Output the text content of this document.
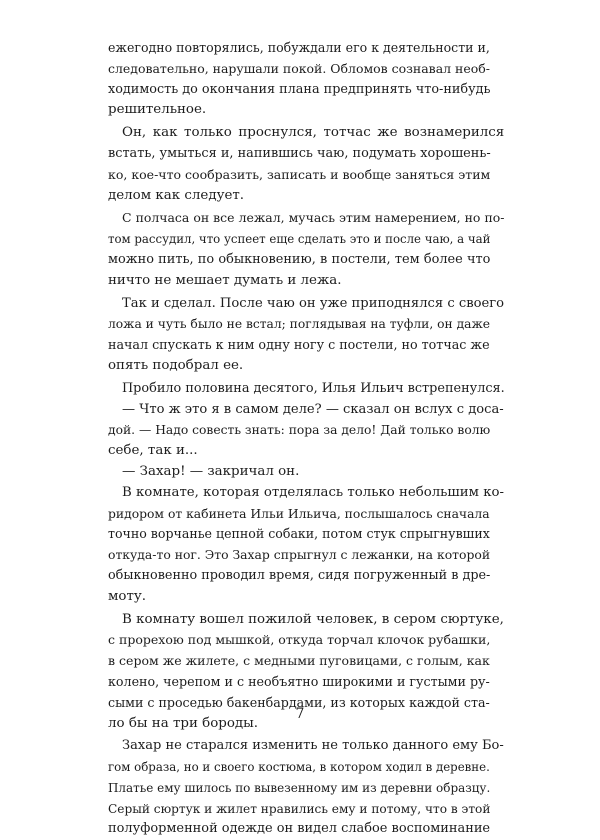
ежегодно повторялись, побуждали его к деятельности и,
следовательно, нарушали покой. Обломов сознавал необ-
ходимость до окончания плана предпринять что-нибудь
решительное.
Он, как только проснулся, тотчас же вознамерился
встать, умыться и, напившись чаю, подумать хорошень-
ко, кое-что сообразить, записать и вообще заняться этим
делом как следует.
С полчаса он все лежал, мучась этим намерением, но по-
том рассудил, что успеет еще сделать это и после чаю, а чай
можно пить, по обыкновению, в постели, тем более что
ничто не мешает думать и лежа.
Так и сделал. После чаю он уже приподнялся с своего
ложа и чуть было не встал; поглядывая на туфли, он даже
начал спускать к ним одну ногу с постели, но тотчас же
опять подобрал ее.
Пробило половина десятого, Илья Ильич встрепенулся.
— Что ж это я в самом деле? — сказал он вслух с доса-
дой. — Надо совесть знать: пора за дело! Дай только волю
себе, так и...
— Захар! — закричал он.
В комнате, которая отделялась только небольшим ко-
ридором от кабинета Ильи Ильича, послышалось сначала
точно ворчанье цепной собаки, потом стук спрыгнувших
откуда-то ног. Это Захар спрыгнул с лежанки, на которой
обыкновенно проводил время, сидя погруженный в дре-
моту.
В комнату вошел пожилой человек, в сером сюртуке,
с прорехою под мышкой, откуда торчал клочок рубашки,
в сером же жилете, с медными пуговицами, с голым, как
колено, черепом и с необъятно широкими и густыми ру-
сыми с проседью бакенбардами, из которых каждой ста-
ло бы на три бороды.
Захар не старался изменить не только данного ему Бо-
гом образа, но и своего костюма, в котором ходил в деревне.
Платье ему шилось по вывезенному им из деревни образцу.
Серый сюртук и жилет нравились ему и потому, что в этой
полуформенной одежде он видел слабое воспоминание
7
